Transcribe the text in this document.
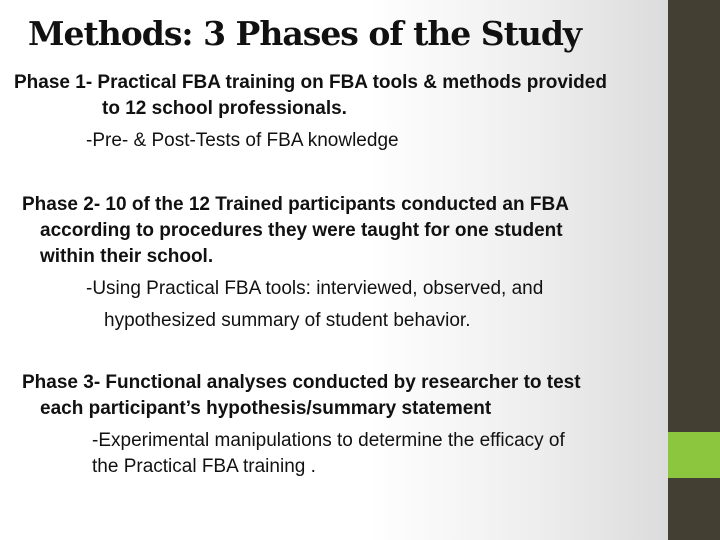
Methods: 3 Phases of the Study

Phase 1- Practical FBA training on FBA tools & methods provided

to 12 school professionals.

-Pre- & Post-Tests of FBA knowledge

Phase 2- 10 of the 12 Trained participants conducted an FBA

according to procedures they were taught for one student

within their school.

-Using Practical FBA tools: interviewed, observed, and

hypothesized summary of student behavior.

Phase 3- Functional analyses conducted by researcher to test

each participant’s hypothesis/summary statement

-Experimental manipulations to determine the efficacy of

the Practical FBA training .
